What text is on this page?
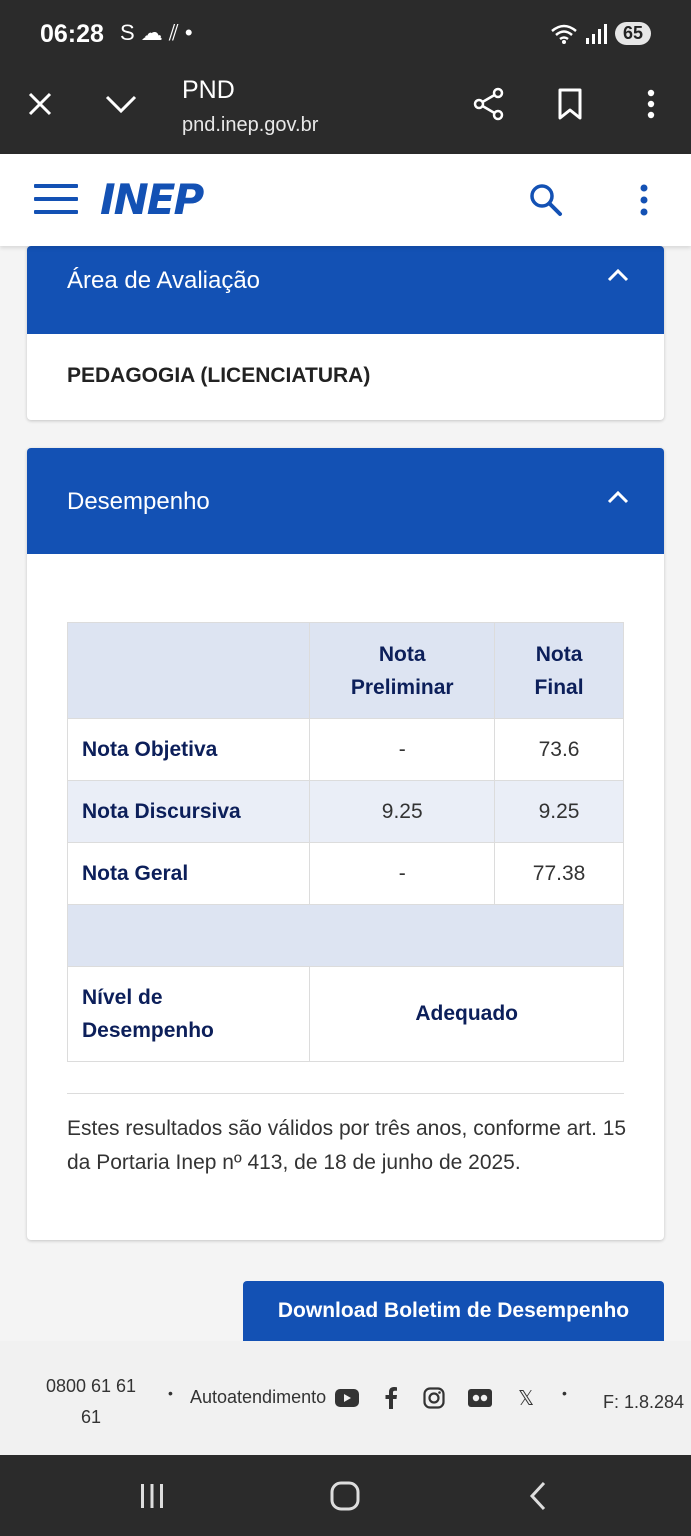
06:28 S ☁ ⫽ •	65
PND
pnd.inep.gov.br
INEP
Área de Avaliação
PEDAGOGIA (LICENCIATURA)
Desempenho
	Nota Preliminar	Nota Final
Nota Objetiva	-	73.6
Nota Discursiva	9.25	9.25
Nota Geral	-	77.38

Nível de Desempenho	Adequado	
Estes resultados são válidos por três anos, conforme art. 15 da Portaria Inep nº 413, de 18 de junho de 2025.
Download Boletim de Desempenho
0800 61 61 61
• Autoatendimento	𝕏	• F: 1.8.284
